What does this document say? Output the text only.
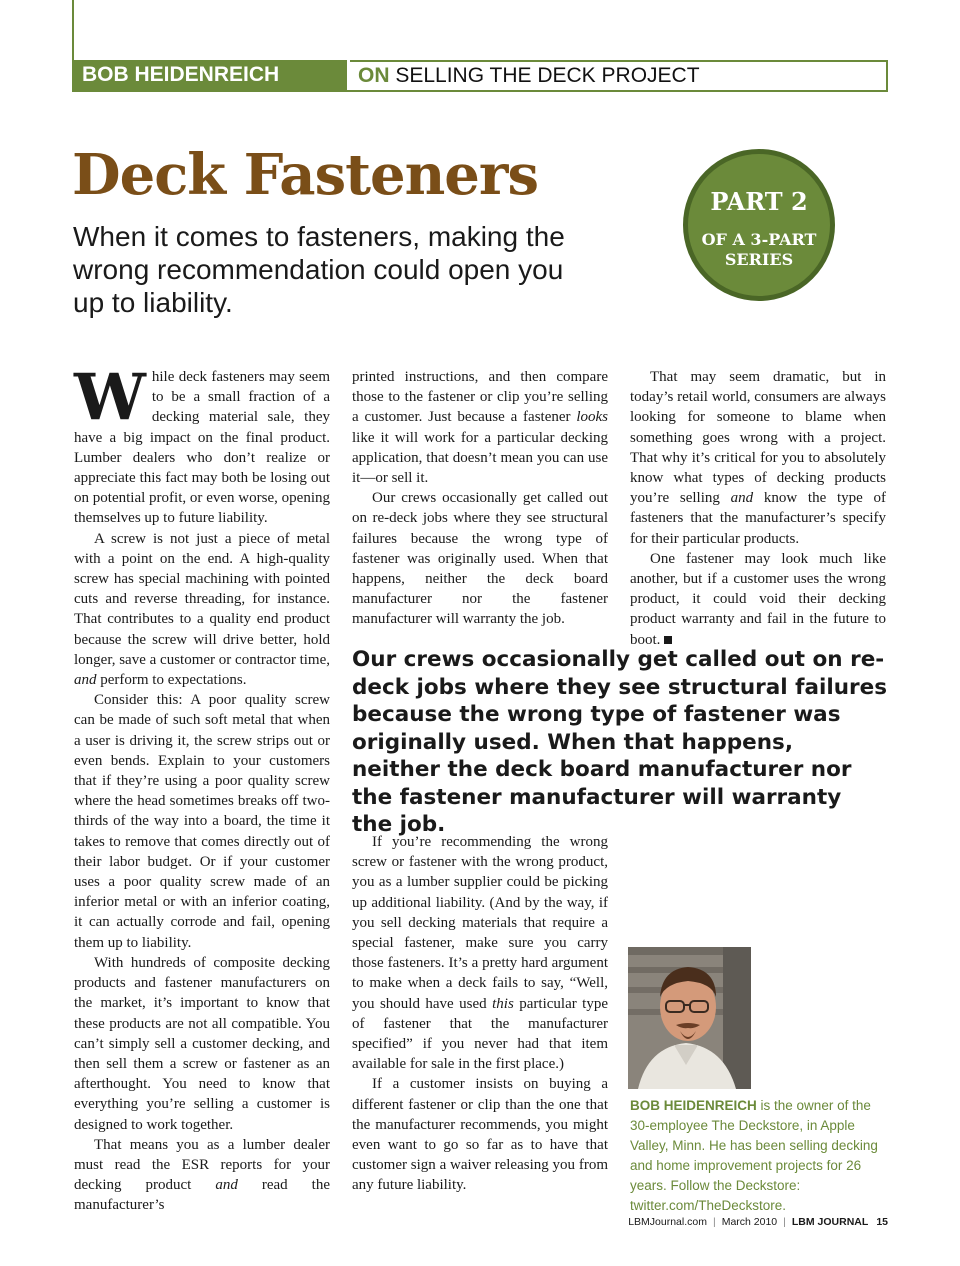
BOB HEIDENREICH	ON SELLING THE DECK PROJECT
Deck Fasteners

When it comes to fasteners, making the wrong recommendation could open you up to liability.

PART 2
OF A 3-PART
SERIES

While deck fasteners may seem to be a small fraction of a decking material sale, they have a big impact on the final product. Lumber dealers who don’t realize or appreciate this fact may both be losing out on potential profit, or even worse, opening themselves up to future liability.

A screw is not just a piece of metal with a point on the end. A high-quality screw has special machining with pointed cuts and reverse threading, for instance. That contributes to a quality end product because the screw will drive better, hold longer, save a customer or contractor time, and perform to expectations.

Consider this: A poor quality screw can be made of such soft metal that when a user is driving it, the screw strips out or even bends. Explain to your customers that if they’re using a poor quality screw where the head sometimes breaks off two-thirds of the way into a board, the time it takes to remove that comes directly out of their labor budget. Or if your customer uses a poor quality screw made of an inferior metal or with an inferior coating, it can actually corrode and fail, opening them up to liability.

With hundreds of composite decking products and fastener manufacturers on the market, it’s important to know that these products are not all compatible. You can’t simply sell a customer decking, and then sell them a screw or fastener as an afterthought. You need to know that everything you’re selling a customer is designed to work together.

That means you as a lumber dealer must read the ESR reports for your decking product and read the manufacturer’s

printed instructions, and then compare those to the fastener or clip you’re selling a customer. Just because a fastener looks like it will work for a particular decking application, that doesn’t mean you can use it—or sell it.

Our crews occasionally get called out on re-deck jobs where they see structural failures because the wrong type of fastener was originally used. When that happens, neither the deck board manufacturer nor the fastener manufacturer will warranty the job.

That may seem dramatic, but in today’s retail world, consumers are always looking for someone to blame when something goes wrong with a project. That why it’s critical for you to absolutely know what types of decking products you’re selling and know the type of fasteners that the manufacturer’s specify for their particular products.

One fastener may look much like another, but if a customer uses the wrong product, it could void their decking product warranty and fail in the future to boot.

Our crews occasionally get called out on re-deck jobs where they see structural failures because the wrong type of fastener was originally used. When that happens, neither the deck board manufacturer nor the fastener manufacturer will warranty the job.

If you’re recommending the wrong screw or fastener with the wrong product, you as a lumber supplier could be picking up additional liability. (And by the way, if you sell decking materials that require a special fastener, make sure you carry those fasteners. It’s a pretty hard argument to make when a deck fails to say, “Well, you should have used this particular type of fastener that the manufacturer specified” if you never had that item available for sale in the first place.)

If a customer insists on buying a different fastener or clip than the one that the manufacturer recommends, you might even want to go so far as to have that customer sign a waiver releasing you from any future liability.

BOB HEIDENREICH is the owner of the 30-employee The Deckstore, in Apple Valley, Minn. He has been selling decking and home improvement projects for 26 years. Follow the Deckstore: twitter.com/TheDeckstore.

LBMJournal.com | March 2010 | LBM JOURNAL 15
